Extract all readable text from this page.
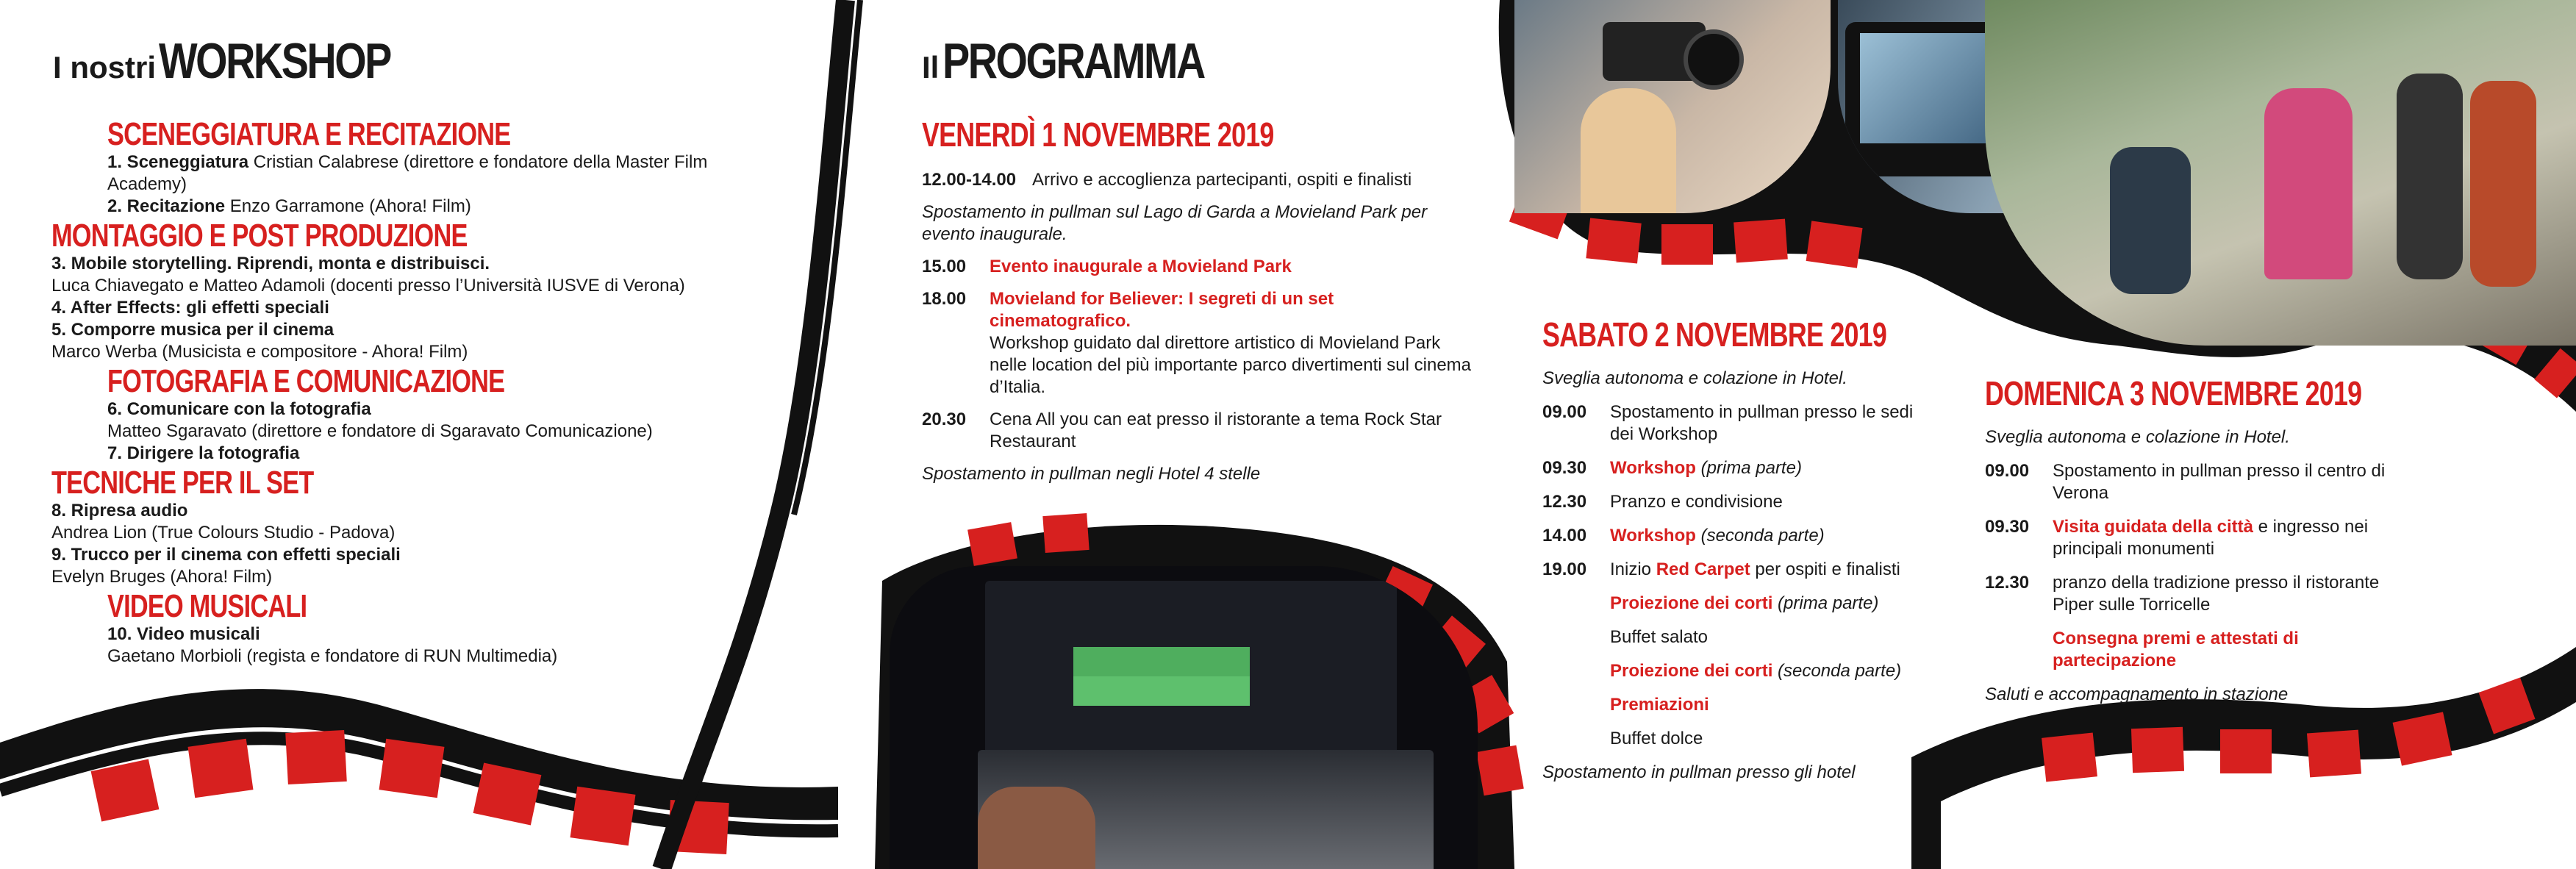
I nostri WORKSHOP
SCENEGGIATURA E RECITAZIONE
1. Sceneggiatura Cristian Calabrese (direttore e fondatore della Master Film Academy)
2. Recitazione Enzo Garramone (Ahora! Film)
MONTAGGIO E POST PRODUZIONE
3. Mobile storytelling. Riprendi, monta e distribuisci.
Luca Chiavegato e Matteo Adamoli (docenti presso l’Università IUSVE di Verona)
4. After Effects: gli effetti speciali
5. Comporre musica per il cinema
Marco Werba (Musicista e compositore - Ahora! Film)
FOTOGRAFIA E COMUNICAZIONE
6. Comunicare con la fotografia
Matteo Sgaravato (direttore e fondatore di Sgaravato Comunicazione)
7. Dirigere la fotografia
TECNICHE PER IL SET
8. Ripresa audio
Andrea Lion (True Colours Studio - Padova)
9. Trucco per il cinema con effetti speciali
Evelyn Bruges (Ahora! Film)
VIDEO MUSICALI
10. Video musicali
Gaetano Morbioli (regista e fondatore di RUN Multimedia)
Il PROGRAMMA
VENERDÌ 1 NOVEMBRE 2019
12.00-14.00 Arrivo e accoglienza partecipanti, ospiti e finalisti
Spostamento in pullman sul Lago di Garda a Movieland Park per evento inaugurale.
15.00	Evento inaugurale a Movieland Park
18.00	Movieland for Believer: I segreti di un set cinematografico.
Workshop guidato dal direttore artistico di Movieland Park nelle location del più importante parco divertimenti sul cinema d’Italia.
20.30	Cena All you can eat presso il ristorante a tema Rock Star Restaurant
Spostamento in pullman negli Hotel 4 stelle
SABATO 2 NOVEMBRE 2019
Sveglia autonoma e colazione in Hotel.
09.00	Spostamento in pullman presso le sedi dei Workshop
09.30	Workshop (prima parte)
12.30	Pranzo e condivisione
14.00	Workshop (seconda parte)
19.00	Inizio Red Carpet per ospiti e finalisti
Proiezione dei corti (prima parte)
Buffet salato
Proiezione dei corti (seconda parte)
Premiazioni
Buffet dolce
Spostamento in pullman presso gli hotel
DOMENICA 3 NOVEMBRE 2019
Sveglia autonoma e colazione in Hotel.
09.00	Spostamento in pullman presso il centro di Verona
09.30	Visita guidata della città e ingresso nei principali monumenti
12.30	pranzo della tradizione presso il ristorante Piper sulle Torricelle
Consegna premi e attestati di partecipazione
Saluti e accompagnamento in stazione
